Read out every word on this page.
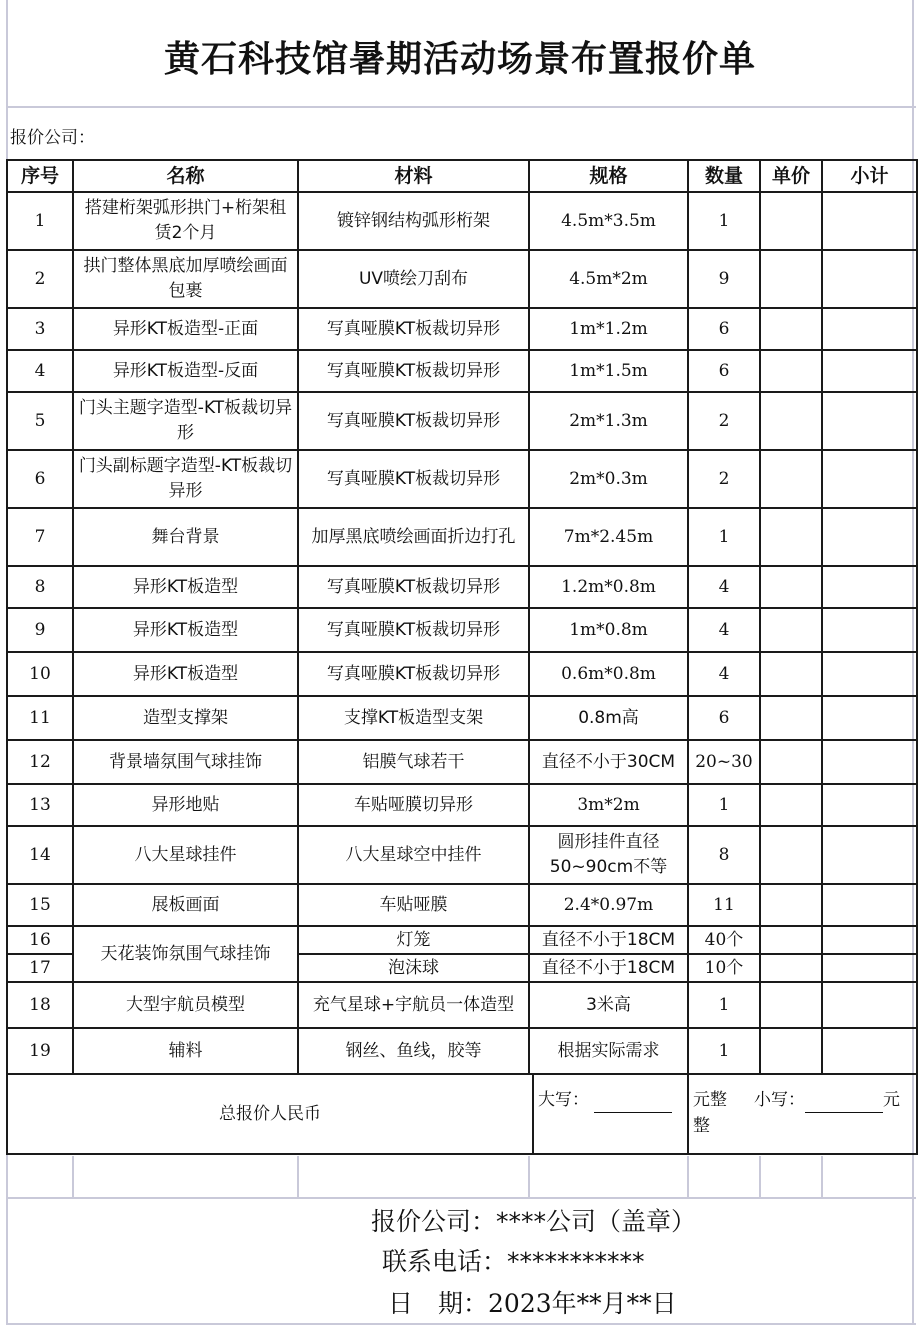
黄石科技馆暑期活动场景布置报价单
报价公司：
序号	名称	材料	规格	数量	单价	小计
1	搭建桁架弧形拱门+桁架租赁2个月	镀锌钢结构弧形桁架	4.5m*3.5m	1		
2	拱门整体黑底加厚喷绘画面包裹	UV喷绘刀刮布	4.5m*2m	9		
3	异形KT板造型-正面	写真哑膜KT板裁切异形	1m*1.2m	6		
4	异形KT板造型-反面	写真哑膜KT板裁切异形	1m*1.5m	6		
5	门头主题字造型-KT板裁切异形	写真哑膜KT板裁切异形	2m*1.3m	2		
6	门头副标题字造型-KT板裁切异形	写真哑膜KT板裁切异形	2m*0.3m	2		
7	舞台背景	加厚黑底喷绘画面折边打孔	7m*2.45m	1		
8	异形KT板造型	写真哑膜KT板裁切异形	1.2m*0.8m	4		
9	异形KT板造型	写真哑膜KT板裁切异形	1m*0.8m	4		
10	异形KT板造型	写真哑膜KT板裁切异形	0.6m*0.8m	4		
11	造型支撑架	支撑KT板造型支架	0.8m高	6		
12	背景墙氛围气球挂饰	铝膜气球若干	直径不小于30CM	20~30		
13	异形地贴	车贴哑膜切异形	3m*2m	1		
14	八大星球挂件	八大星球空中挂件	圆形挂件直径50~90cm不等	8		
15	展板画面	车贴哑膜	2.4*0.97m	11		
16	天花装饰氛围气球挂饰	灯笼	直径不小于18CM	40个		
17		泡沫球	直径不小于18CM	10个		
18	大型宇航员模型	充气星球+宇航员一体造型	3米高	1		
19	辅料	钢丝、鱼线，胶等	根据实际需求	1		

总报价人民币
大写：				元整 小写： 元整		
报价公司：****公司（盖章）
联系电话：***********
日　期：2023年**月**日
